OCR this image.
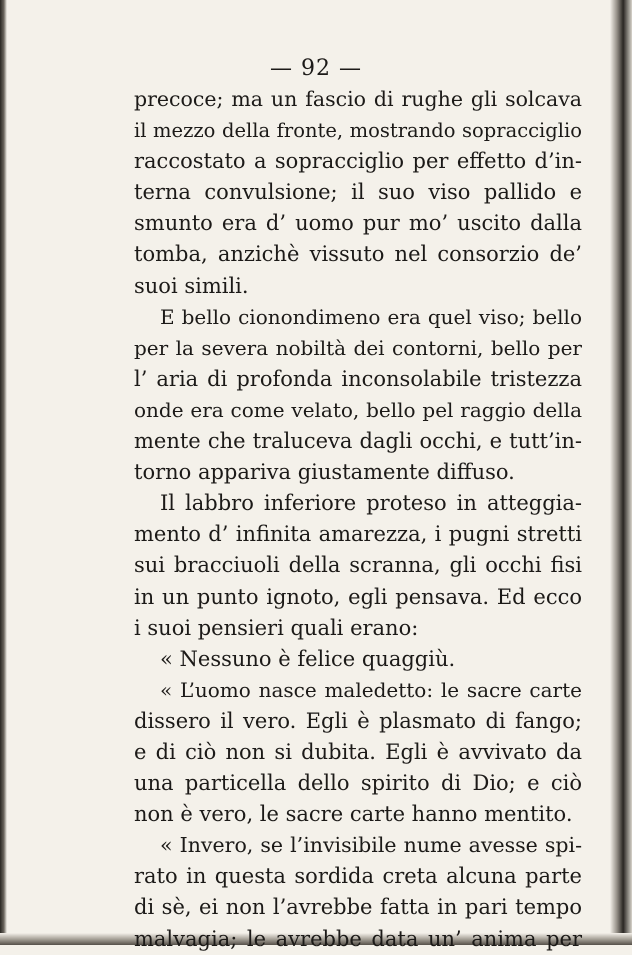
— 92 —
precoce; ma un fascio di rughe gli solcava
il mezzo della fronte, mostrando sopracciglio
raccostato a sopracciglio per effetto d’in-
terna convulsione; il suo viso pallido e
smunto era d’ uomo pur mo’ uscito dalla
tomba, anzichè vissuto nel consorzio de’
suoi simili.
E bello cionondimeno era quel viso; bello
per la severa nobiltà dei contorni, bello per
l’ aria di profonda inconsolabile tristezza
onde era come velato, bello pel raggio della
mente che traluceva dagli occhi, e tutt’in-
torno appariva giustamente diffuso.
Il labbro inferiore proteso in atteggia-
mento d’ infinita amarezza, i pugni stretti
sui bracciuoli della scranna, gli occhi fisi
in un punto ignoto, egli pensava. Ed ecco
i suoi pensieri quali erano:
« Nessuno è felice quaggiù.
« L’uomo nasce maledetto: le sacre carte
dissero il vero. Egli è plasmato di fango;
e di ciò non si dubita. Egli è avvivato da
una particella dello spirito di Dio; e ciò
non è vero, le sacre carte hanno mentito.
« Invero, se l’invisibile nume avesse spi-
rato in questa sordida creta alcuna parte
di sè, ei non l’avrebbe fatta in pari tempo
malvagia; le avrebbe data un’ anima per
